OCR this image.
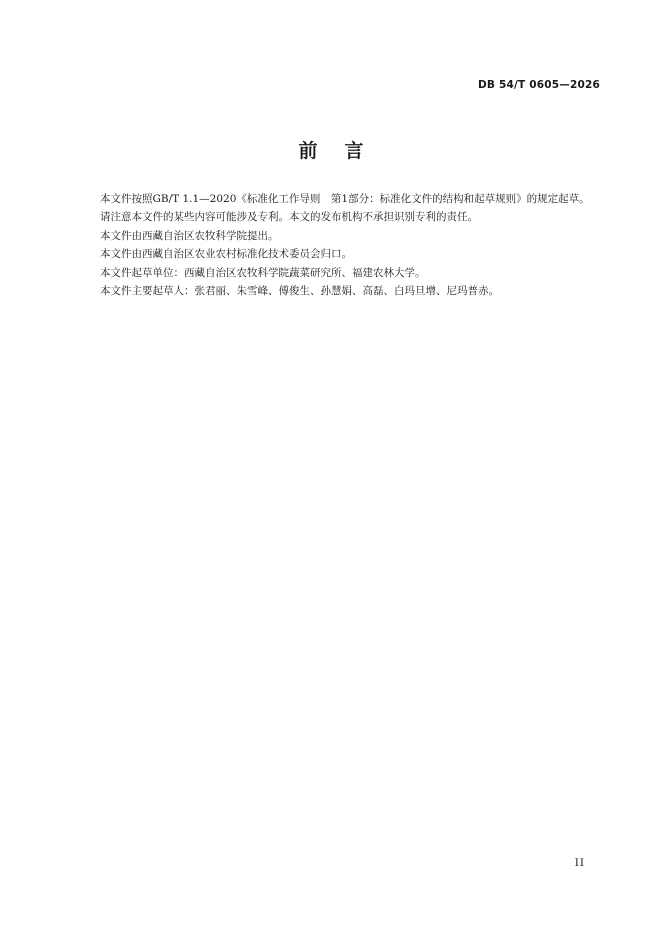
DB 54/T 0605—2026
前言

本文件按照GB/T 1.1—2020《标准化工作导则　第1部分：标准化文件的结构和起草规则》的规定起草。

请注意本文件的某些内容可能涉及专利。本文的发布机构不承担识别专利的责任。

本文件由西藏自治区农牧科学院提出。

本文件由西藏自治区农业农村标准化技术委员会归口。

本文件起草单位：西藏自治区农牧科学院蔬菜研究所、福建农林大学。

本文件主要起草人：张君丽、朱雪峰、傅俊生、孙慧娟、高磊、白玛旦增、尼玛普赤。

II
